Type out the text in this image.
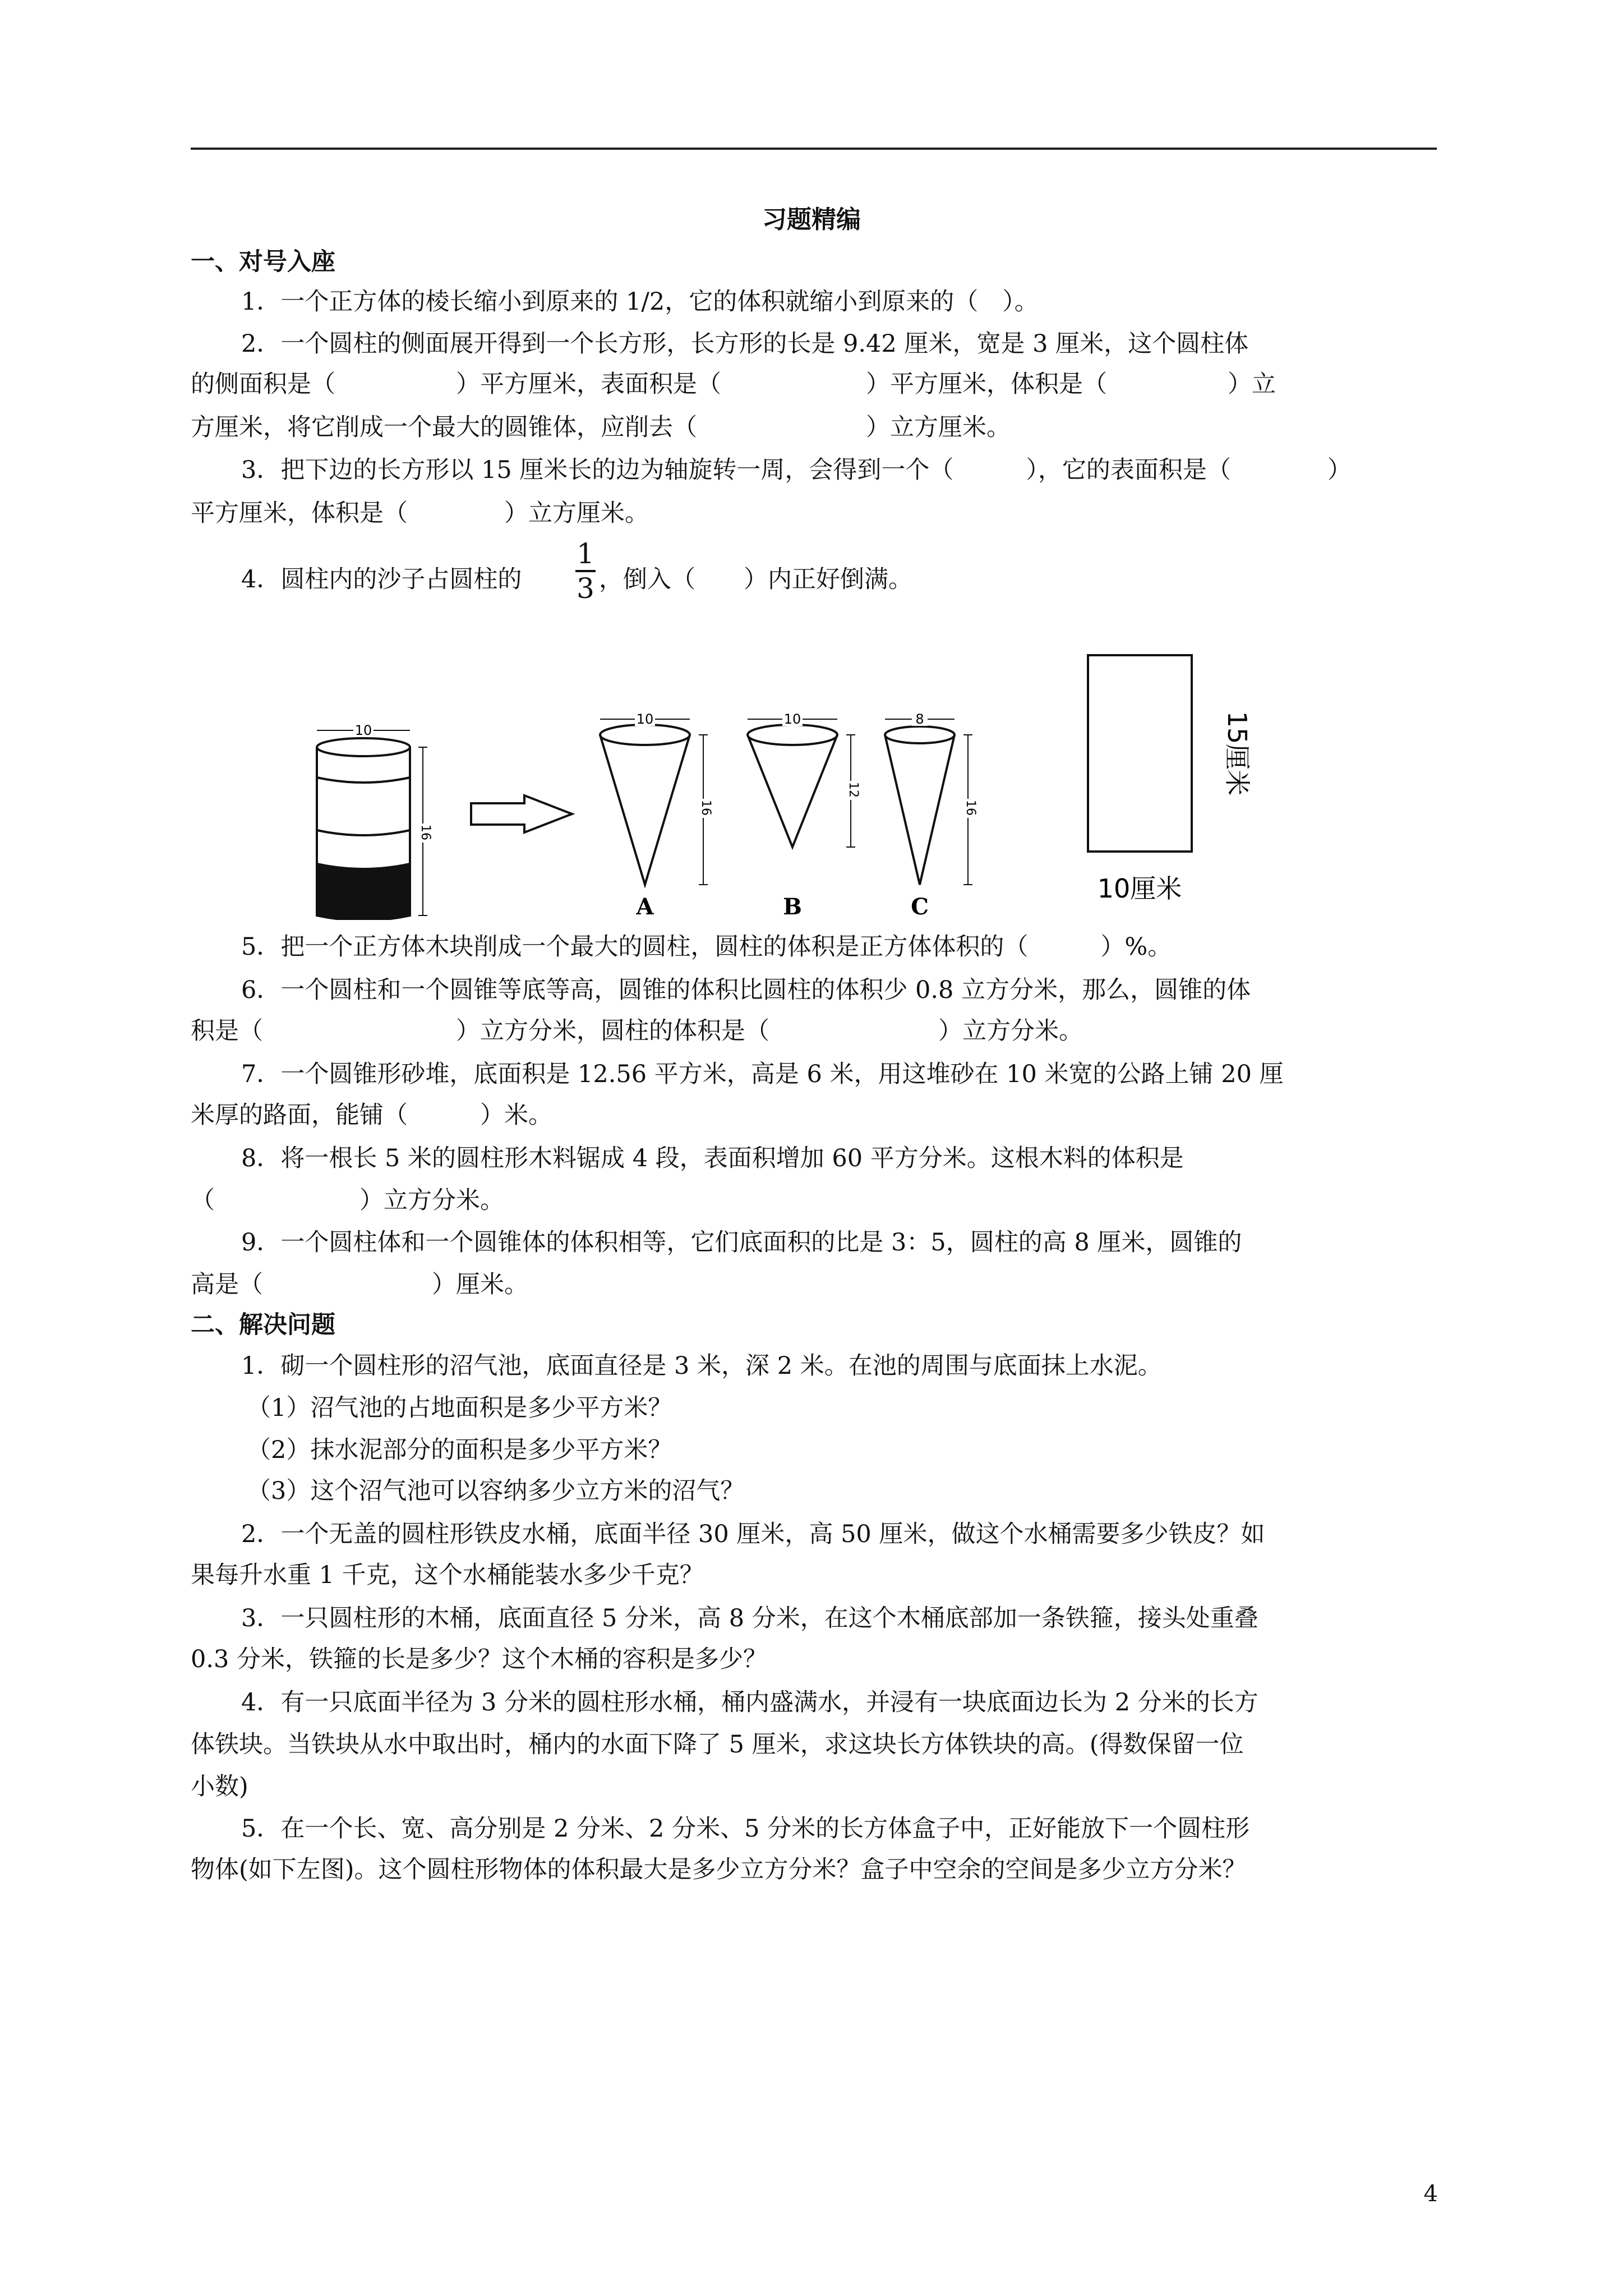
习题精编
一、对号入座
1．一个正方体的棱长缩小到原来的 1/2，它的体积就缩小到原来的（　）。
2．一个圆柱的侧面展开得到一个长方形，长方形的长是 9.42 厘米，宽是 3 厘米，这个圆柱体
的侧面积是（　　　　　）平方厘米，表面积是（　　　　　　）平方厘米，体积是（　　　　　）立
方厘米，将它削成一个最大的圆锥体，应削去（　　　　　　　）立方厘米。
3．把下边的长方形以 15 厘米长的边为轴旋转一周，会得到一个（　　　），它的表面积是（　　　　）
平方厘米，体积是（　　　　）立方厘米。
4．圆柱内的沙子占圆柱的
1
3 ，倒入（　　）内正好倒满。
10
16
10
16
A
10
12
B
8
16
C
15厘米
10厘米
5．把一个正方体木块削成一个最大的圆柱，圆柱的体积是正方体体积的（　　　）%。
6．一个圆柱和一个圆锥等底等高，圆锥的体积比圆柱的体积少 0.8 立方分米，那么，圆锥的体
积是（　　　　　　　　）立方分米，圆柱的体积是（　　　　　　　）立方分米。
7．一个圆锥形砂堆，底面积是 12.56 平方米，高是 6 米，用这堆砂在 10 米宽的公路上铺 20 厘
米厚的路面，能铺（　　　）米。
8．将一根长 5 米的圆柱形木料锯成 4 段，表面积增加 60 平方分米。这根木料的体积是
（　　　　　　）立方分米。
9．一个圆柱体和一个圆锥体的体积相等，它们底面积的比是 3：5，圆柱的高 8 厘米，圆锥的
高是（　　　　　　　）厘米。
二、解决问题
1．砌一个圆柱形的沼气池，底面直径是 3 米，深 2 米。在池的周围与底面抹上水泥。
（1）沼气池的占地面积是多少平方米？
（2）抹水泥部分的面积是多少平方米？
（3）这个沼气池可以容纳多少立方米的沼气？
2．一个无盖的圆柱形铁皮水桶，底面半径 30 厘米，高 50 厘米，做这个水桶需要多少铁皮？如
果每升水重 1 千克，这个水桶能装水多少千克？
3．一只圆柱形的木桶，底面直径 5 分米，高 8 分米，在这个木桶底部加一条铁箍，接头处重叠
0.3 分米，铁箍的长是多少？这个木桶的容积是多少？
4．有一只底面半径为 3 分米的圆柱形水桶，桶内盛满水，并浸有一块底面边长为 2 分米的长方
体铁块。当铁块从水中取出时，桶内的水面下降了 5 厘米，求这块长方体铁块的高。(得数保留一位
小数)
5．在一个长、宽、高分别是 2 分米、2 分米、5 分米的长方体盒子中，正好能放下一个圆柱形
物体(如下左图)。这个圆柱形物体的体积最大是多少立方分米？盒子中空余的空间是多少立方分米？
4
